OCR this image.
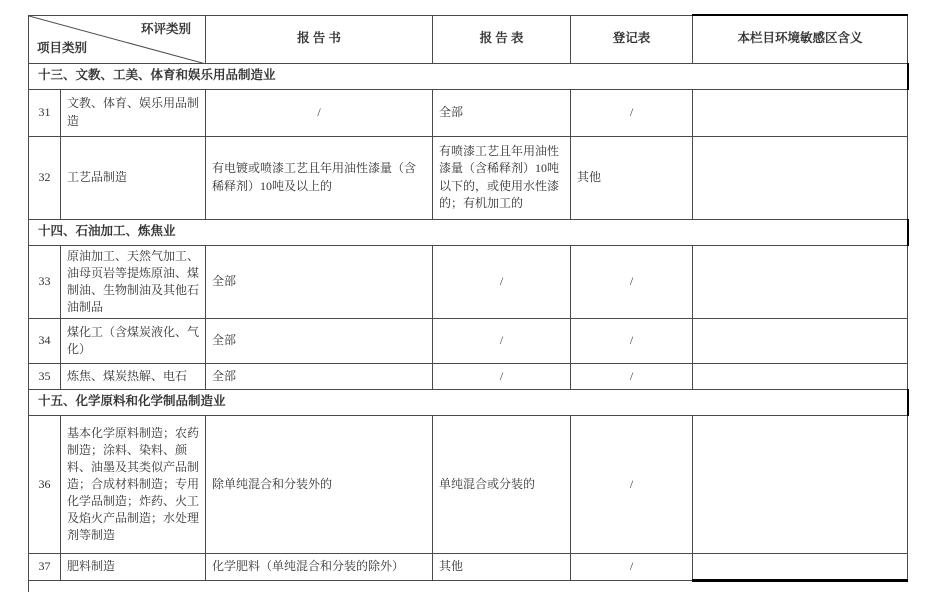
环评类别
项目类别		报 告 书	报 告 表	登记表	本栏目环境敏感区含义
十三、文教、工美、体育和娱乐用品制造业					
31	文教、体育、娱乐用品制造	/	全部	/	
32	工艺品制造	有电镀或喷漆工艺且年用油性漆量（含稀释剂）10吨及以上的	有喷漆工艺且年用油性漆量（含稀释剂）10吨以下的，或使用水性漆的；有机加工的	其他	
十四、石油加工、炼焦业					
33	原油加工、天然气加工、油母页岩等提炼原油、煤制油、生物制油及其他石油制品	全部	/	/	
34	煤化工（含煤炭液化、气化）	全部	/	/	
35	炼焦、煤炭热解、电石	全部	/	/	
十五、化学原料和化学制品制造业					
36	基本化学原料制造；农药制造；涂料、染料、颜料、油墨及其类似产品制造；合成材料制造；专用化学品制造；炸药、火工及焰火产品制造；水处理剂等制造	除单纯混合和分装外的	单纯混合或分装的	/	
37	肥料制造	化学肥料（单纯混合和分装的除外）	其他	/	
